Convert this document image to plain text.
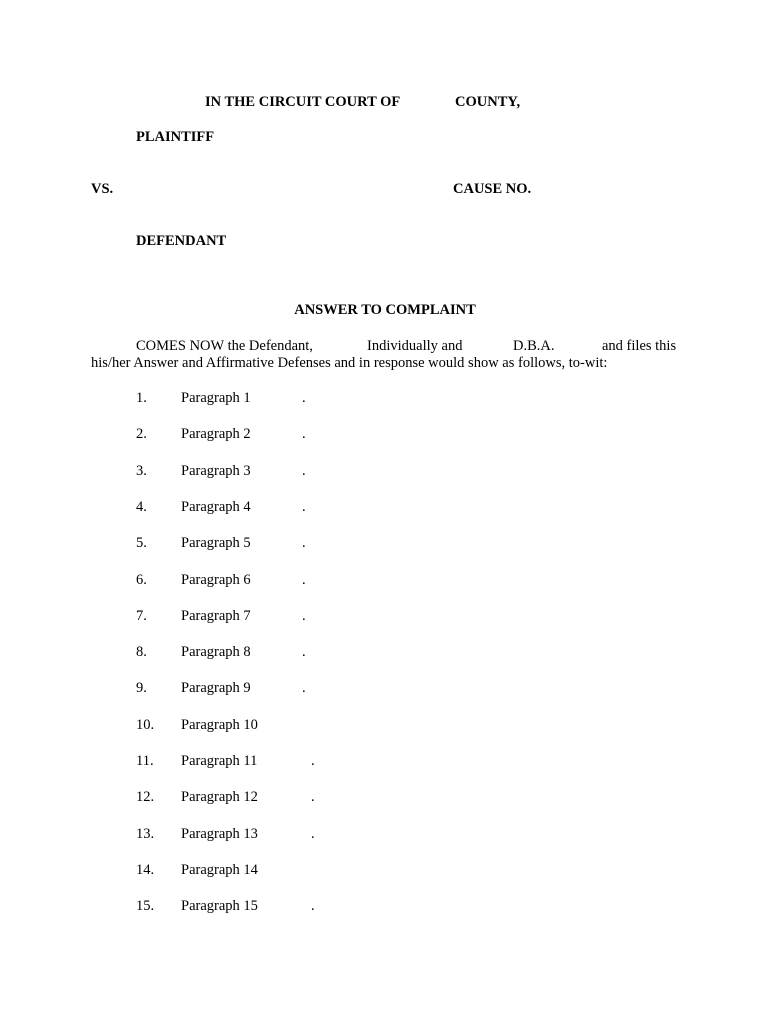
IN THE CIRCUIT COURT OF	COUNTY,
PLAINTIFF
VS.	CAUSE NO.
DEFENDANT
ANSWER TO COMPLAINT
COMES NOW the Defendant,	Individually and	D.B.A.	and files this
his/her Answer and Affirmative Defenses and in response would show as follows, to-wit:
1. Paragraph 1	.
2. Paragraph 2	.
3. Paragraph 3	.
4. Paragraph 4	.
5. Paragraph 5	.
6. Paragraph 6	.
7. Paragraph 7	.
8. Paragraph 8	.
9. Paragraph 9	.
10. Paragraph 10
11. Paragraph 11	.
12. Paragraph 12	.
13. Paragraph 13	.
14. Paragraph 14
15. Paragraph 15	.
